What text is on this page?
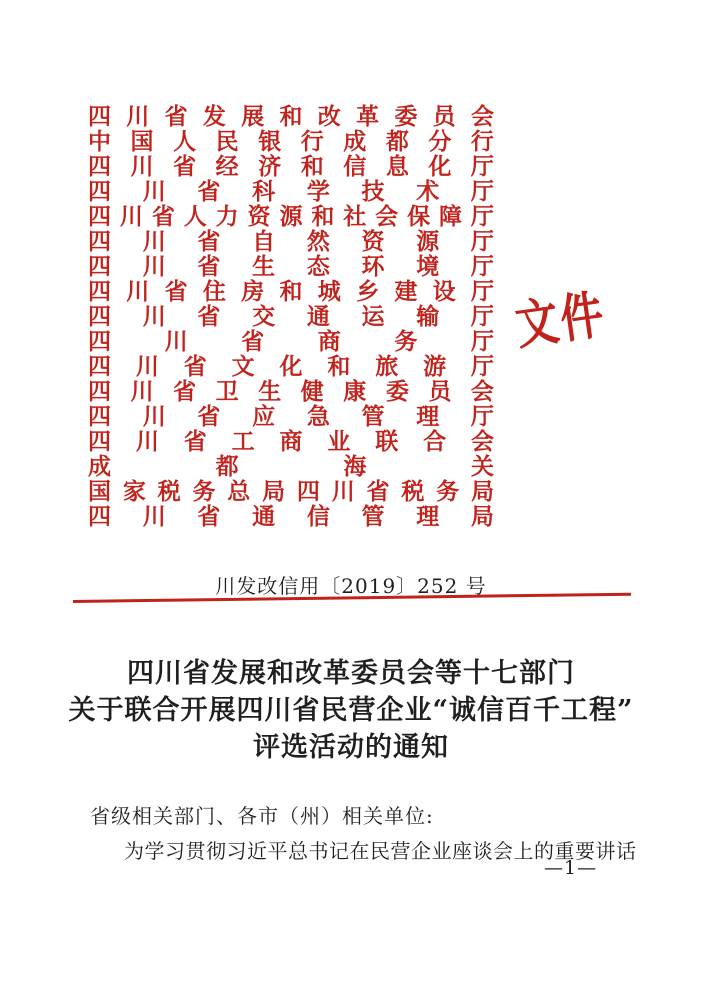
四 川 省 发 展 和 改 革 委 员 会
中 国 人 民 银 行 成 都 分 行
四 川 省 经 济 和 信 息 化 厅
四 川 省 科 学 技 术 厅
四 川 省 人 力 资 源 和 社 会 保 障 厅
四 川 省 自 然 资 源 厅
四 川 省 生 态 环 境 厅
四 川 省 住 房 和 城 乡 建 设 厅
四 川 省 交 通 运 输 厅
四 川 省 商 务 厅
四 川 省 文 化 和 旅 游 厅
四 川 省 卫 生 健 康 委 员 会
四 川 省 应 急 管 理 厅
四 川 省 工 商 业 联 合 会
成	都	海	关
国 家 税 务 总 局 四 川 省 税 务 局
四 川 省 通 信 管 理 局
文件
川发改信用〔2019〕252 号

四川省发展和改革委员会等十七部门

关于联合开展四川省民营企业“诚信百千工程”

评选活动的通知

省级相关部门、各市（州）相关单位:
为学习贯彻习近平总书记在民营企业座谈会上的重要讲话
—1—
